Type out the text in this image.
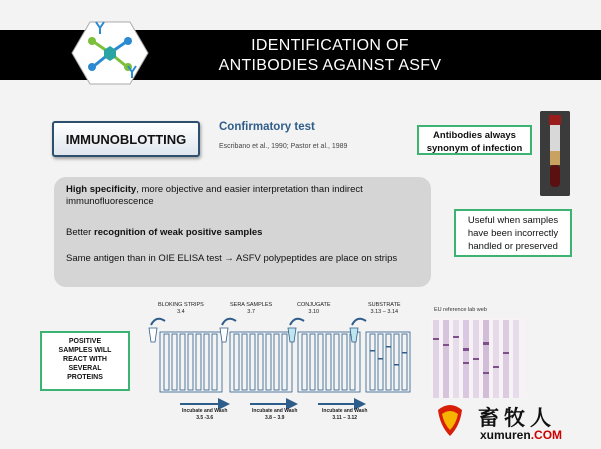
IDENTIFICATION OF
ANTIBODIES AGAINST ASFV
IMMUNOBLOTTING
Confirmatory test
Escribano et al., 1990; Pastor et al., 1989
Antibodies always
synonym of infection
High specificity, more objective and easier interpretation than indirect immunofluorescence
Better recognition of weak positive samples
Same antigen than in OIE ELISA test → ASFV polypeptides are place on strips
Useful when samples
have been incorrectly
handled or preserved
POSITIVE
SAMPLES WILL
REACT WITH
SEVERAL
PROTEINS
BLOKING STRIPS
3.4
SERA SAMPLES
3.7
CONJUGATE
3.10
SUBSTRATE
3.13 – 3.14
Incubate and Wash
3.5 -3.6
Incubate and Wash
3.8 – 3.9
Incubate and Wash
3.11 – 3.12
EU reference lab web
畜牧人
xumuren.COM
